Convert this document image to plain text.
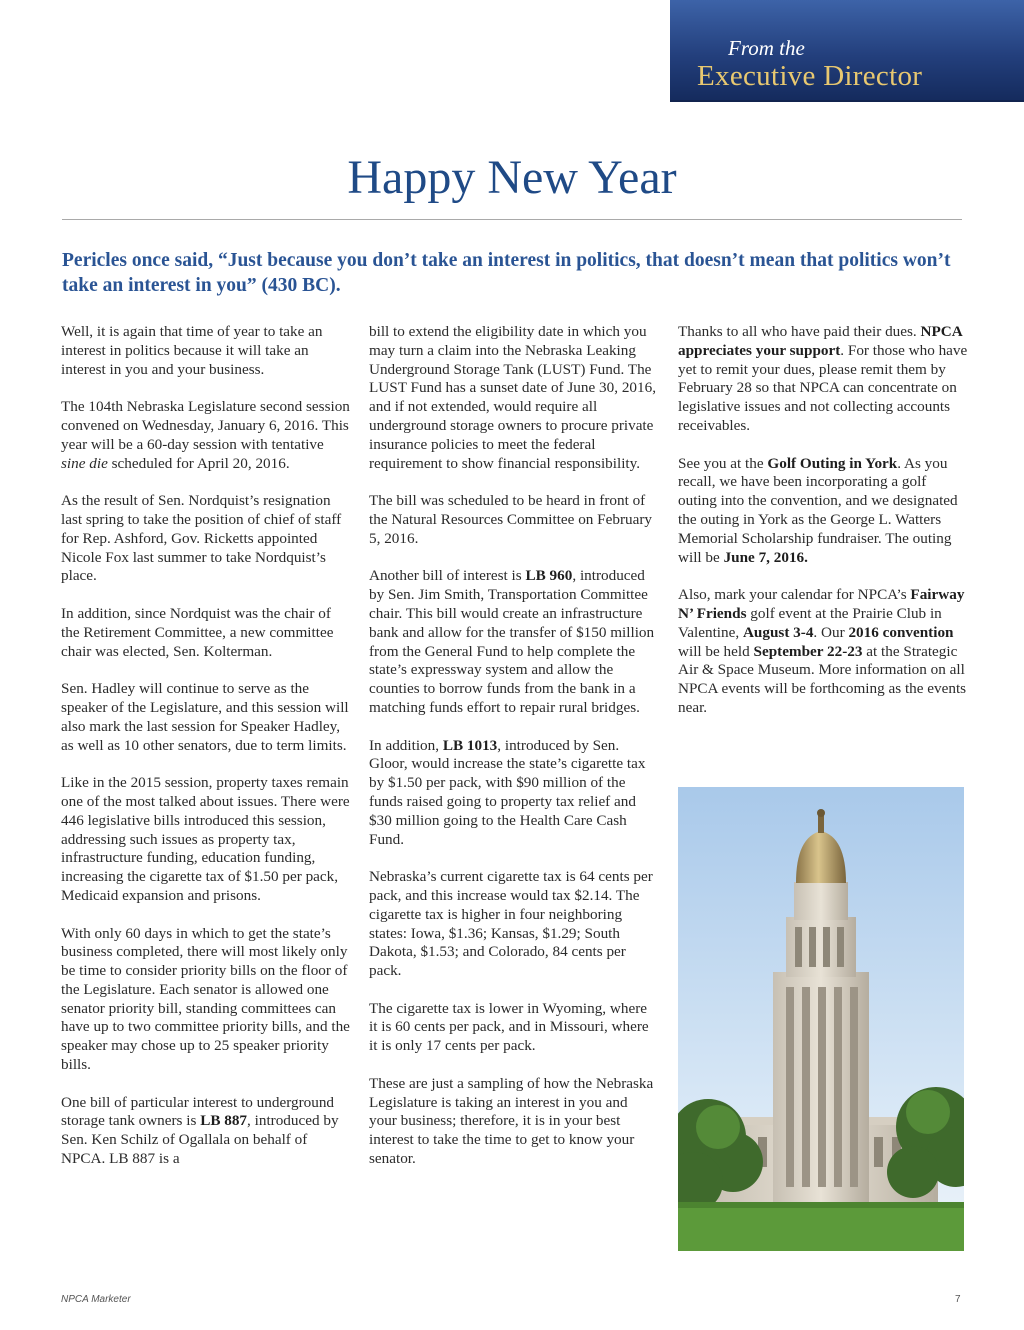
From the
Executive Director
Happy New Year

Pericles once said, “Just because you don’t take an interest in politics, that doesn’t mean that politics won’t take an interest in you” (430 BC).

Well, it is again that time of year to take an interest in politics because it will take an interest in you and your business.

The 104th Nebraska Legislature second session convened on Wednesday, January 6, 2016. This year will be a 60-day session with tentative sine die scheduled for April 20, 2016.

As the result of Sen. Nordquist’s resignation last spring to take the position of chief of staff for Rep. Ashford, Gov. Ricketts appointed Nicole Fox last summer to take Nordquist’s place.

In addition, since Nordquist was the chair of the Retirement Committee, a new committee chair was elected, Sen. Kolterman.

Sen. Hadley will continue to serve as the speaker of the Legislature, and this session will also mark the last session for Speaker Hadley, as well as 10 other senators, due to term limits.

Like in the 2015 session, property taxes remain one of the most talked about issues. There were 446 legislative bills introduced this session, addressing such issues as property tax, infrastructure funding, education funding, increasing the cigarette tax of $1.50 per pack, Medicaid expansion and prisons.

With only 60 days in which to get the state’s business completed, there will most likely only be time to consider priority bills on the floor of the Legislature. Each senator is allowed one senator priority bill, standing committees can have up to two committee priority bills, and the speaker may chose up to 25 speaker priority bills.

One bill of particular interest to underground storage tank owners is LB 887, introduced by Sen. Ken Schilz of Ogallala on behalf of NPCA. LB 887 is a

bill to extend the eligibility date in which you may turn a claim into the Nebraska Leaking Underground Storage Tank (LUST) Fund. The LUST Fund has a sunset date of June 30, 2016, and if not extended, would require all underground storage owners to procure private insurance policies to meet the federal requirement to show financial responsibility.

The bill was scheduled to be heard in front of the Natural Resources Committee on February 5, 2016.

Another bill of interest is LB 960, introduced by Sen. Jim Smith, Transportation Committee chair. This bill would create an infrastructure bank and allow for the transfer of $150 million from the General Fund to help complete the state’s expressway system and allow the counties to borrow funds from the bank in a matching funds effort to repair rural bridges.

In addition, LB 1013, introduced by Sen. Gloor, would increase the state’s cigarette tax by $1.50 per pack, with $90 million of the funds raised going to property tax relief and $30 million going to the Health Care Cash Fund.

Nebraska’s current cigarette tax is 64 cents per pack, and this increase would tax $2.14. The cigarette tax is higher in four neighboring states: Iowa, $1.36; Kansas, $1.29; South Dakota, $1.53; and Colorado, 84 cents per pack.

The cigarette tax is lower in Wyoming, where it is 60 cents per pack, and in Missouri, where it is only 17 cents per pack.

These are just a sampling of how the Nebraska Legislature is taking an interest in you and your business; therefore, it is in your best interest to take the time to get to know your senator.

Thanks to all who have paid their dues. NPCA appreciates your support. For those who have yet to remit your dues, please remit them by February 28 so that NPCA can concentrate on legislative issues and not collecting accounts receivables.

See you at the Golf Outing in York. As you recall, we have been incorporating a golf outing into the convention, and we designated the outing in York as the George L. Watters Memorial Scholarship fundraiser. The outing will be June 7, 2016.

Also, mark your calendar for NPCA’s Fairway N’ Friends golf event at the Prairie Club in Valentine, August 3-4. Our 2016 convention will be held September 22-23 at the Strategic Air & Space Museum. More information on all NPCA events will be forthcoming as the events near.

NPCA Marketer	7
